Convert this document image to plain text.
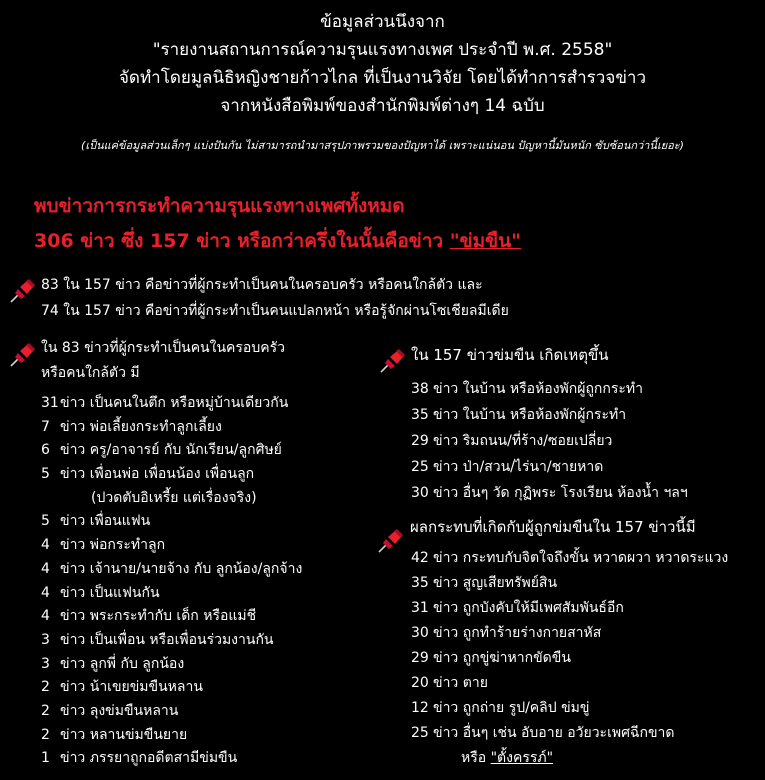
ข้อมูลส่วนนึงจาก
"รายงานสถานการณ์ความรุนแรงทางเพศ ประจำปี พ.ศ. 2558"
จัดทำโดยมูลนิธิหญิงชายก้าวไกล ที่เป็นงานวิจัย โดยได้ทำการสำรวจข่าว
จากหนังสือพิมพ์ของสำนักพิมพ์ต่างๆ 14 ฉบับ
(เป็นแค่ข้อมูลส่วนเล็กๆ แบ่งปันกัน ไม่สามารถนำมาสรุปภาพรวมของปัญหาได้ เพราะแน่นอน ปัญหานี้มันหนัก ซับซ้อนกว่านี้เยอะ)
พบข่าวการกระทำความรุนแรงทางเพศทั้งหมด
306 ข่าว ซึ่ง 157 ข่าว หรือกว่าครึ่งในนั้นคือข่าว "ข่มขืน"
83 ใน 157 ข่าว คือข่าวที่ผู้กระทำเป็นคนในครอบครัว หรือคนใกล้ตัว และ
74 ใน 157 ข่าว คือข่าวที่ผู้กระทำเป็นคนแปลกหน้า หรือรู้จักผ่านโซเชียลมีเดีย
ใน 83 ข่าวที่ผู้กระทำเป็นคนในครอบครัว
หรือคนใกล้ตัว มี
31ข่าว เป็นคนในตึก หรือหมู่บ้านเดียวกัน
7 ข่าว พ่อเลี้ยงกระทำลูกเลี้ยง
6 ข่าว ครู/อาจารย์ กับ นักเรียน/ลูกศิษย์
5 ข่าว เพื่อนพ่อ เพื่อนน้อง เพื่อนลูก
(ปวดตับอิเหรี้ย แต่เรื่องจริง)
5 ข่าว เพื่อนแฟน
4 ข่าว พ่อกระทำลูก
4 ข่าว เจ้านาย/นายจ้าง กับ ลูกน้อง/ลูกจ้าง
4 ข่าว เป็นแฟนกัน
4 ข่าว พระกระทำกับ เด็ก หรือแม่ชี
3 ข่าว เป็นเพื่อน หรือเพื่อนร่วมงานกัน
3 ข่าว ลูกพี่ กับ ลูกน้อง
2 ข่าว น้าเขยข่มขืนหลาน
2 ข่าว ลุงข่มขืนหลาน
2 ข่าว หลานข่มขืนยาย
1 ข่าว ภรรยาถูกอดีตสามีข่มขืน
ใน 157 ข่าวข่มขืน เกิดเหตุขึ้น
38 ข่าว ในบ้าน หรือห้องพักผู้ถูกกระทำ
35 ข่าว ในบ้าน หรือห้องพักผู้กระทำ
29 ข่าว ริมถนน/ที่ร้าง/ซอยเปลี่ยว
25 ข่าว ป่า/สวน/ไร่นา/ชายหาด
30 ข่าว อื่นๆ วัด กุฏิพระ โรงเรียน ห้องน้ำ ฯลฯ
ผลกระทบที่เกิดกับผู้ถูกข่มขืนใน 157 ข่าวนี้มี
42 ข่าว กระทบกับจิตใจถึงขั้น หวาดผวา หวาดระแวง
35 ข่าว สูญเสียทรัพย์สิน
31 ข่าว ถูกบังคับให้มีเพศสัมพันธ์อีก
30 ข่าว ถูกทำร้ายร่างกายสาหัส
29 ข่าว ถูกขู่ฆ่าหากขัดขืน
20 ข่าว ตาย
12 ข่าว ถูกถ่าย รูป/คลิป ข่มขู่
25 ข่าว อื่นๆ เช่น อับอาย อวัยวะเพศฉีกขาด
หรือ "ตั้งครรภ์"
